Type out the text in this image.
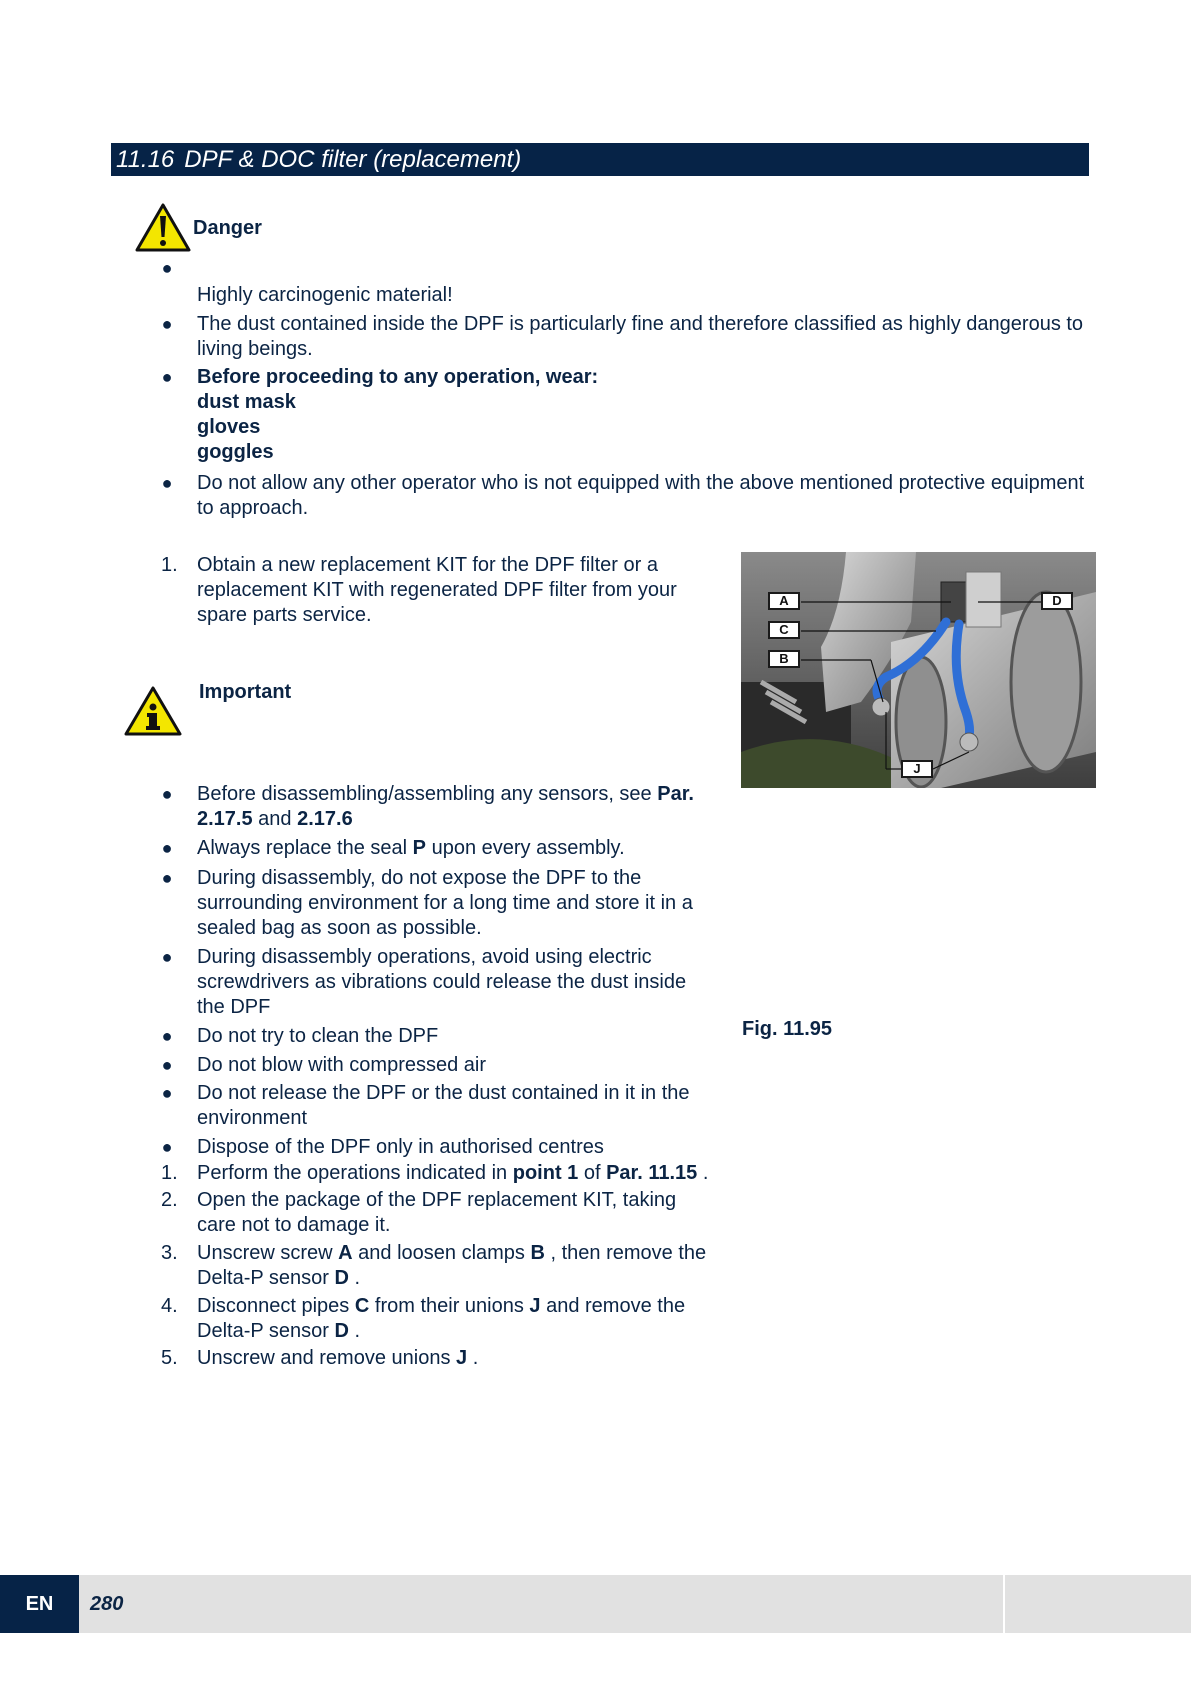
11.16 DPF & DOC filter (replacement)
Danger
●
Highly carcinogenic material!
● The dust contained inside the DPF is particularly fine and therefore classified as highly dangerous to living beings.
● Before proceeding to any operation, wear:
dust mask
gloves
goggles
● Do not allow any other operator who is not equipped with the above mentioned protective equipment to approach.
1. Obtain a new replacement KIT for the DPF filter or a replacement KIT with regenerated DPF filter from your spare parts service.
Important
● Before disassembling/assembling any sensors, see Par.
2.17.5 and 2.17.6
● Always replace the seal P upon every assembly.
● During disassembly, do not expose the DPF to the surrounding environment for a long time and store it in a sealed bag as soon as possible.
● During disassembly operations, avoid using electric screwdrivers as vibrations could release the dust inside the DPF
● Do not try to clean the DPF
● Do not blow with compressed air
● Do not release the DPF or the dust contained in it in the environment
● Dispose of the DPF only in authorised centres
1. Perform the operations indicated in point 1 of Par. 11.15 .
2. Open the package of the DPF replacement KIT, taking care not to damage it.
3. Unscrew screw A and loosen clamps B , then remove the
Delta-P sensor D .
4. Disconnect pipes C from their unions J and remove the
Delta-P sensor D .
5. Unscrew and remove unions J .
A
C
B
D
J
Fig. 11.95
EN	280
